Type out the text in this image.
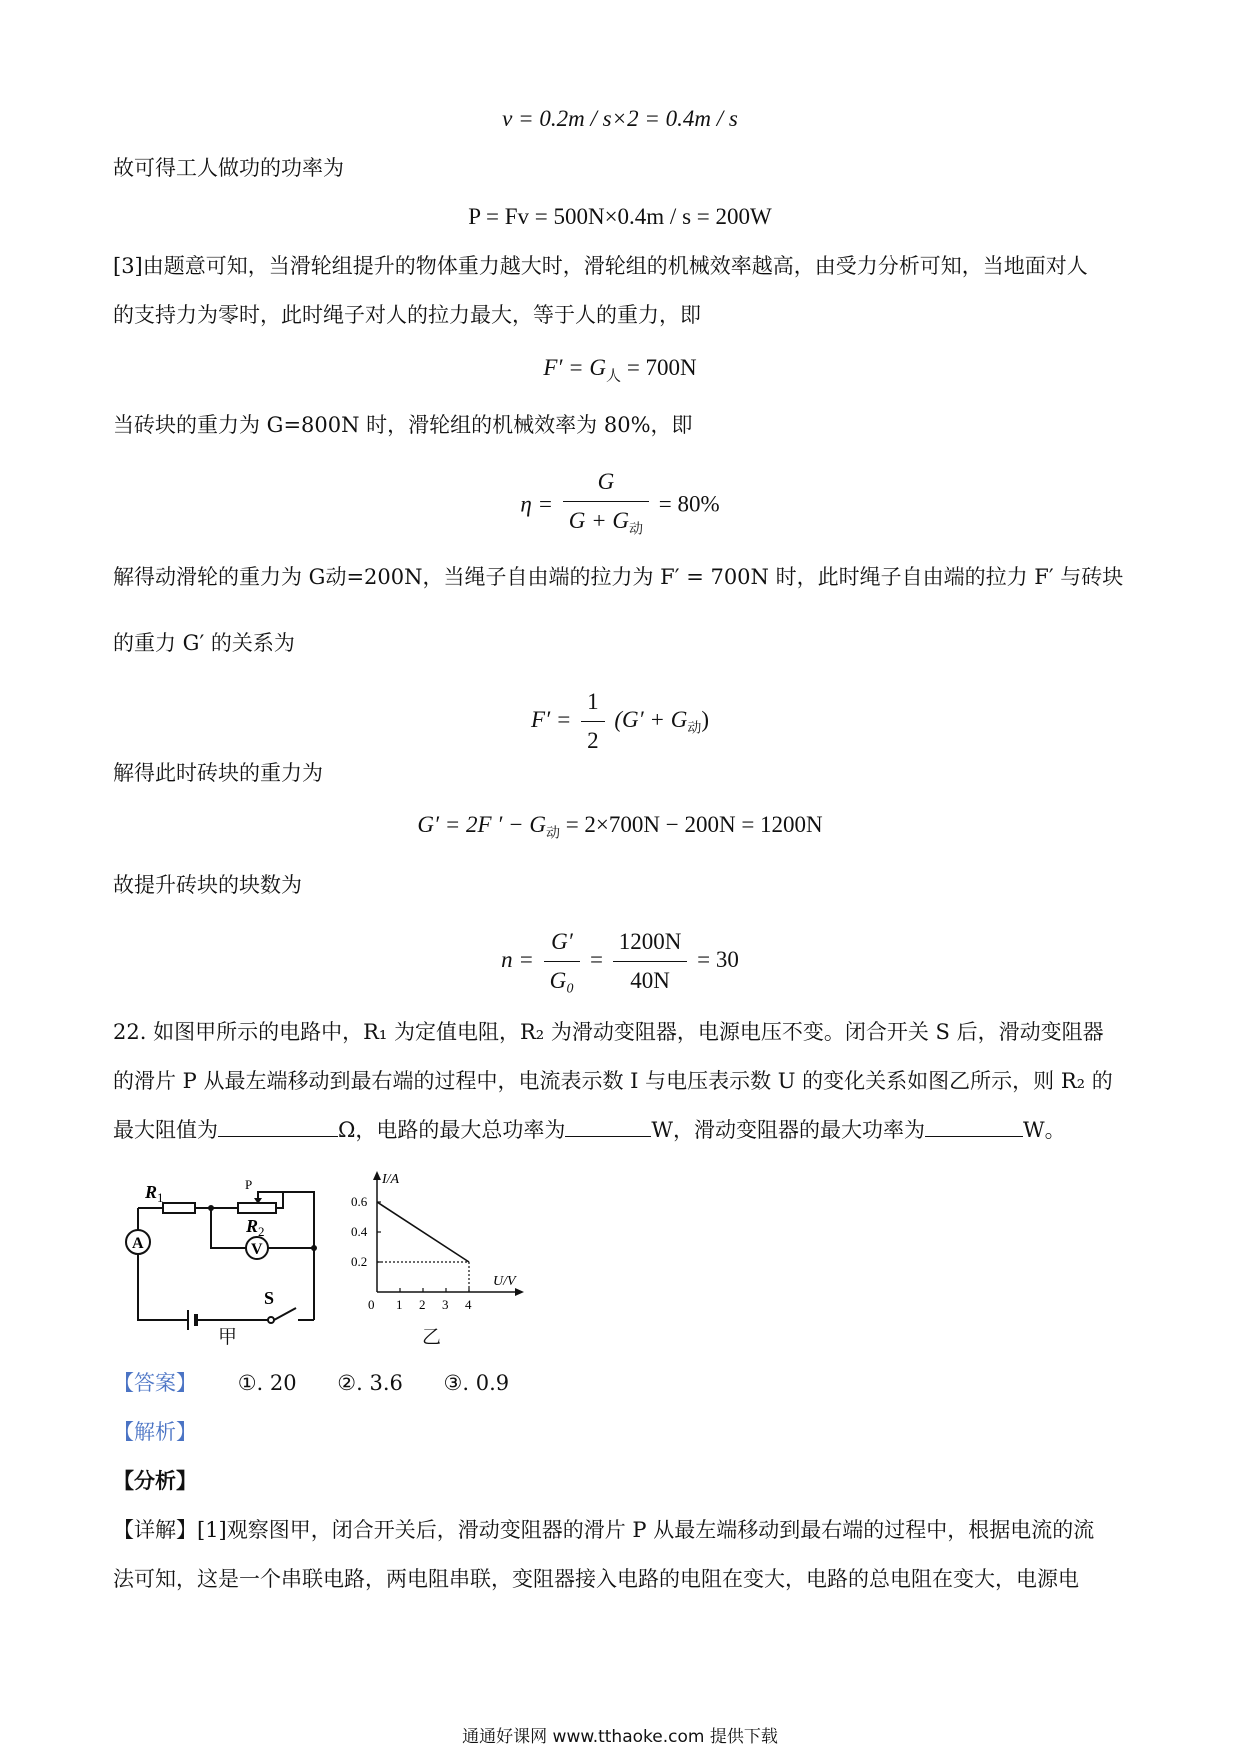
v = 0.2m / s×2 = 0.4m / s
故可得工人做功的功率为
P = Fv = 500N×0.4m / s = 200W
[3]由题意可知，当滑轮组提升的物体重力越大时，滑轮组的机械效率越高，由受力分析可知，当地面对人
的支持力为零时，此时绳子对人的拉力最大，等于人的重力，即
$F' = G_人 = 700N$
当砖块的重力为 G=800N 时，滑轮组的机械效率为 80%，即
$\eta = \frac{G}{G + G_动} = 80\%$
解得动滑轮的重力为 G动=200N，当绳子自由端的拉力为 F′ = 700N 时，此时绳子自由端的拉力 F′ 与砖块
的重力 G′ 的关系为
$F' = \frac{1}{2} (G' + G_动)$
解得此时砖块的重力为
G′ = 2F ′ − $G_动 = 2\times 700N - 200N = 1200N$
故提升砖块的块数为
$n = \frac{G'}{\text{G₀}} = \frac{1200N}{40N} = 30$
22. 如图甲所示的电路中，R₁ 为定值电阻，R₂ 为滑动变阻器，电源电压不变。闭合开关 S 后，滑动变阻器
的滑片 P 从最左端移动到最右端的过程中，电流表示数 I 与电压表示数 U 的变化关系如图乙所示，则 R₂ 的
最大阻值为	Ω，电路的最大总功率为	W，滑动变阻器的最大功率为	W。
$R_1$
P
$R_2$
A	V
S
甲
I/A
U/V
0 1 2 3 4
0.2
0.4
0.6
乙
【答案】 ①. 20 ②. 3.6 ③. 0.9
【解析】
【分析】
【详解】[1]观察图甲，闭合开关后，滑动变阻器的滑片 P 从最左端移动到最右端的过程中，根据电流的流
法可知，这是一个串联电路，两电阻串联，变阻器接入电路的电阻在变大，电路的总电阻在变大，电源电
通通好课网 www.tthaoke.com 提供下载
